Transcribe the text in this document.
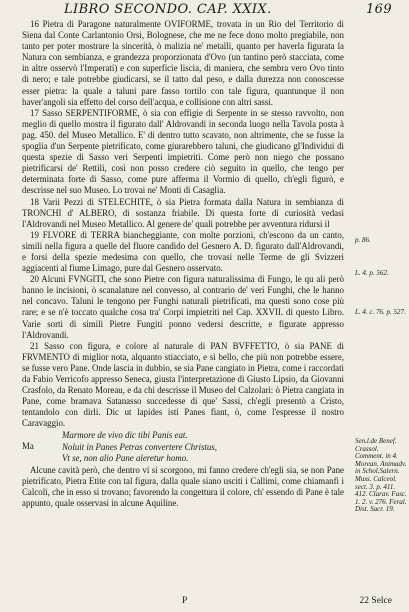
LIBRO SECONDO. CAP. XXIX.	169

16 Pietra di Paragone naturalmente OVIFORME, trovata in un Rio del Territorio di Siena dal Conte Carlantonio Orsi, Bolognese, che me ne fece dono molto pregiabile, non tanto per poter mostrare la sincerità, ò malizia ne' metalli, quanto per haverla figurata la Natura con sembianza, e grandezza proporzionata d'Ovo (un tantino però stacciata, come in altre osservò l'Imperati) e con superficie liscia, di maniera, che sembra vero Ovo tinto di nero; e tale potrebbe giudicarsi, se il tatto dal peso, e dalla durezza non conoscesse esser pietra: la quale a taluni pare fasso tortilo con tale figura, quantunque il non haver'angoli sia effetto del corso dell'acqua, e collisione con altri sassi.

17 Sasso SERPENTIFORME, ò sia con effigie di Serpente in se stesso ravvolto, non meglio di quello mostra il figurato dall' Aldrovandi in seconda luogo nella Tavola posta à pag. 450. del Museo Metallico. E' di dentro tutto scavato, non altrimente, che se fusse la spoglia d'un Serpente pietrificato, come giurarebbero taluni, che giudicano gl'Individui di questa spezie di Sasso veri Serpenti impietriti. Come però non niego che possano pietrificarsi de' Rettili, così non posso credere ciò seguito in quello, che tengo per determinata forte di Sasso, come pure afferma il Vormio di quello, ch'egli figurò, e descrisse nel suo Museo. Lo trovai ne' Monti di Casaglia.

18 Varii Pezzi di STELECHITE, ò sia Pietra formata dalla Natura in sembianza di TRONCHI d' ALBERO, di sostanza friabile. Di questa forte di curiosità vedasi l'Aldrovandi nel Museo Metallico. Al genere de' quali potrebbe per avventura ridursi il

19 FLVORE di TERRA biancheggiante, con molte porzioni, ch'escono da un canto, simili nella figura a quelle del fluore candido del Gesnero A. D. figurato dall'Aldrovandi, e forsi della spezie medesima con quello, che trovasi nelle Terme de gli Svizzeri aggiacenti al fiume Limago, pure dal Gesnero osservato.

20 Alcuni FVNGITI, che sono Pietre con figura naturalissima di Fungo, le qu ali però hanno le incisioni, ò scanalature nel convesso, al contrario de' veri Funghi, che le hanno nel concavo. Taluni le tengono per Funghi naturali pietrificati, ma questi sono cose più rare; e se n'è toccato qualche cosa tra' Corpi impietriti nel Cap. XXVII. di questo Libro. Varie sorti di simili Pietre Fungiti ponno vedersi descritte, e figurate appresso l'Aldrovandi.

21 Sasso con figura, e colore al naturale di PAN BVFFETTO, ò sia PANE di FRVMENTO di miglior nota, alquanto stiacciato, e sì bello, che più non potrebbe essere, se fusse vero Pane. Onde lascia in dubbio, se sia Pane cangiato in Pietra, come i raccordati da Fabio Verricofo appresso Seneca, giusta l'interpretazione di Giusto Lipsio, da Giovanni Crasfolo, da Renato Moreau, e da chi descrisse il Museo del Calzolari: ò Pietra cangiata in Pane, come bramava Satanasso succedesse di que' Sassi, ch'egli presentò a Cristo, tentandolo con dirli. Dic ut lapides isti Panes fiant, ò, come l'espresse il nostro Caravaggio.

Ma
Marmore de vivo dic tibi Panis eat.
Noluit in Panes Petras convertere Christus,
Vt se, non alio Pane aleretur homo.

Alcune cavità però, che dentro vi si scorgono, mi fanno credere ch'egli sia, se non Pane pietrificato, Pietra Etite con tal figura, dalla quale siano usciti i Callimi, come chiamanfi i Calcoli, che in esso si trovano; favorendo la congettura il colore, ch' essendo di Pane è tale appunto, quale osservasi in alcune Aquiline.

p. 86.
L. 4. p. 562.
L. 4. c. 76. p. 527.
Sen.l.de Benef. Crassol. Comment. in 4. Morean. Animadv. in Schol.Salern. Muss. Calceol. sect. 3. p. 411. 412. Clarav. Fasc. 1. 2. v. 276. Feral. Dist. Sacr. 19.
P	22 Selce
